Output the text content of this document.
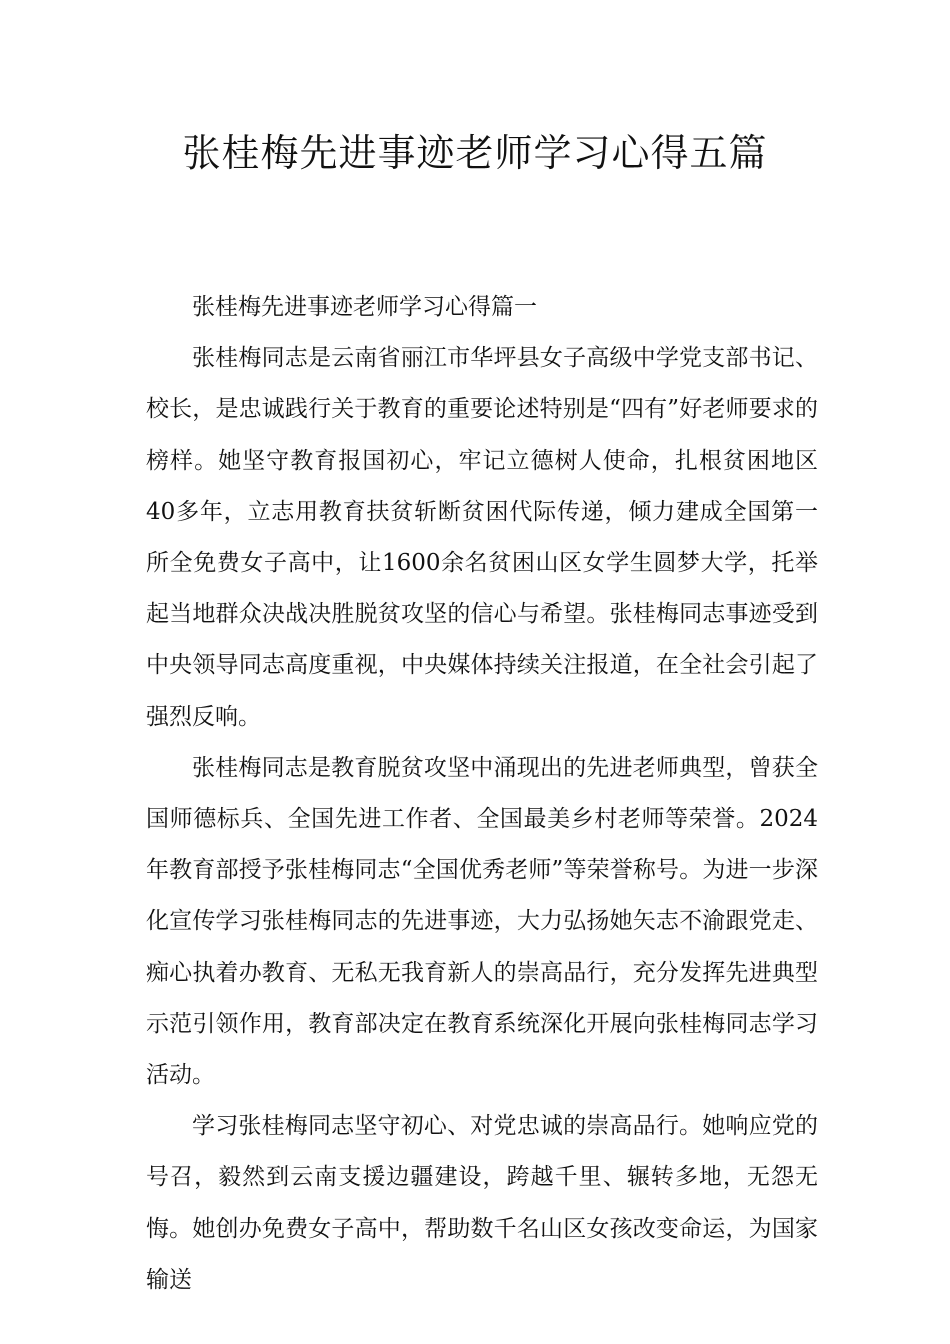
张桂梅先进事迹老师学习心得五篇

张桂梅先进事迹老师学习心得篇一

张桂梅同志是云南省丽江市华坪县女子高级中学党支部书记、校长，是忠诚践行关于教育的重要论述特别是“四有”好老师要求的榜样。她坚守教育报国初心，牢记立德树人使命，扎根贫困地区40多年，立志用教育扶贫斩断贫困代际传递，倾力建成全国第一所全免费女子高中，让1600余名贫困山区女学生圆梦大学，托举起当地群众决战决胜脱贫攻坚的信心与希望。张桂梅同志事迹受到中央领导同志高度重视，中央媒体持续关注报道，在全社会引起了强烈反响。

张桂梅同志是教育脱贫攻坚中涌现出的先进老师典型，曾获全国师德标兵、全国先进工作者、全国最美乡村老师等荣誉。2024年教育部授予张桂梅同志“全国优秀老师”等荣誉称号。为进一步深化宣传学习张桂梅同志的先进事迹，大力弘扬她矢志不渝跟党走、痴心执着办教育、无私无我育新人的崇高品行，充分发挥先进典型示范引领作用，教育部决定在教育系统深化开展向张桂梅同志学习活动。

学习张桂梅同志坚守初心、对党忠诚的崇高品行。她响应党的号召，毅然到云南支援边疆建设，跨越千里、辗转多地，无怨无悔。她创办免费女子高中，帮助数千名山区女孩改变命运，为国家输送
